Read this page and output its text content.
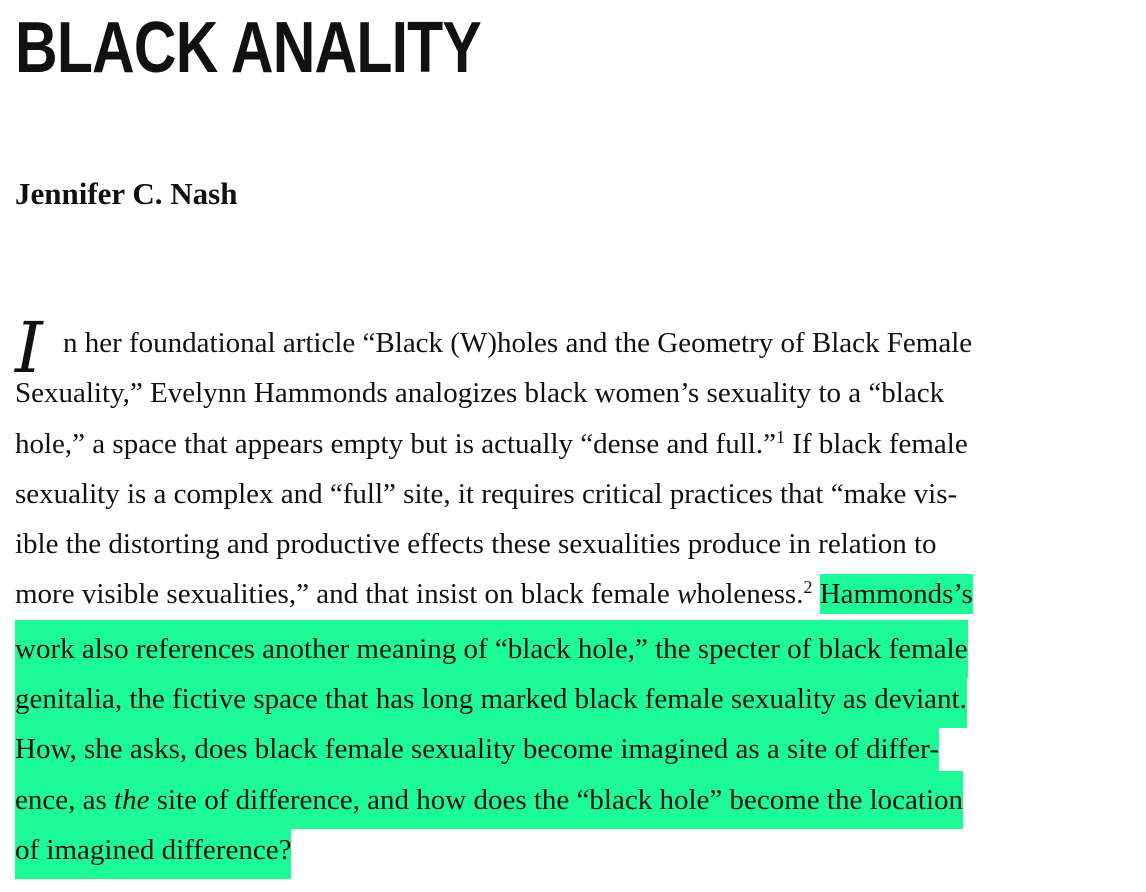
BLACK ANALITY
Jennifer C. Nash
I n her foundational article “Black (W)holes and the Geometry of Black Female
Sexuality,” Evelynn Hammonds analogizes black women’s sexuality to a “black
hole,” a space that appears empty but is actually “dense and full.”$^1$ If black female
sexuality is a complex and “full” site, it requires critical practices that “make vis-
ible the distorting and productive effects these sexualities produce in relation to
more visible sexualities,” and that insist on black female wholeness.$^2$ Hammonds’s
work also references another meaning of “black hole,” the specter of black female
genitalia, the fictive space that has long marked black female sexuality as deviant.
How, she asks, does black female sexuality become imagined as a site of differ-
ence, as the site of difference, and how does the “black hole” become the location
of imagined difference?
